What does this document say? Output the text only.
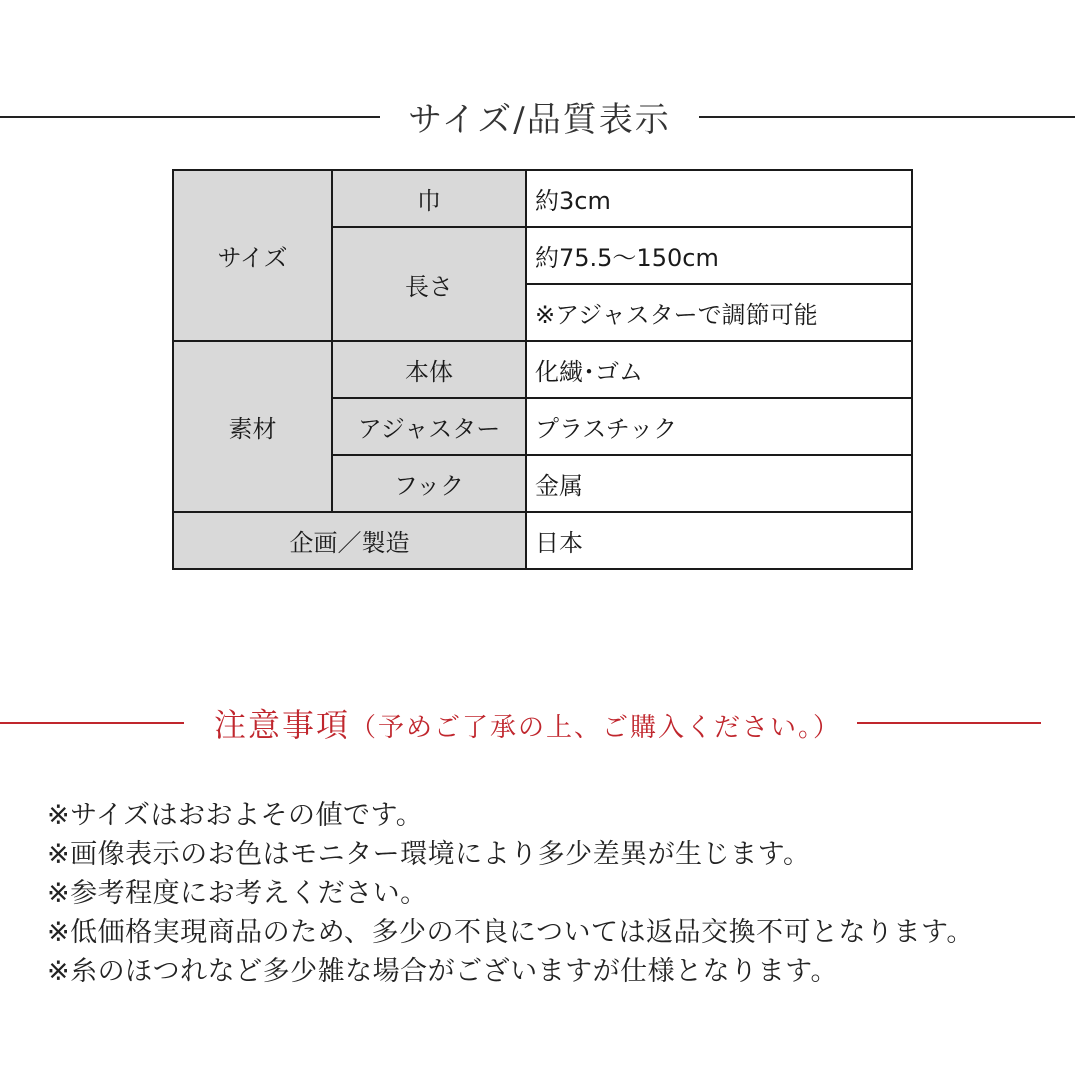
サイズ/品質表示
サイズ	巾	約3cm
	長さ	約75.5～150cm
		※アジャスターで調節可能
素材	本体	化繊･ゴム
	アジャスター	プラスチック
	フック	金属
企画／製造		日本
注意事項（予めご了承の上、ご購入ください。）
※サイズはおおよその値です。
※画像表示のお色はモニター環境により多少差異が生じます。
※参考程度にお考えください。
※低価格実現商品のため、多少の不良については返品交換不可となります。
※糸のほつれなど多少雑な場合がございますが仕様となります。
